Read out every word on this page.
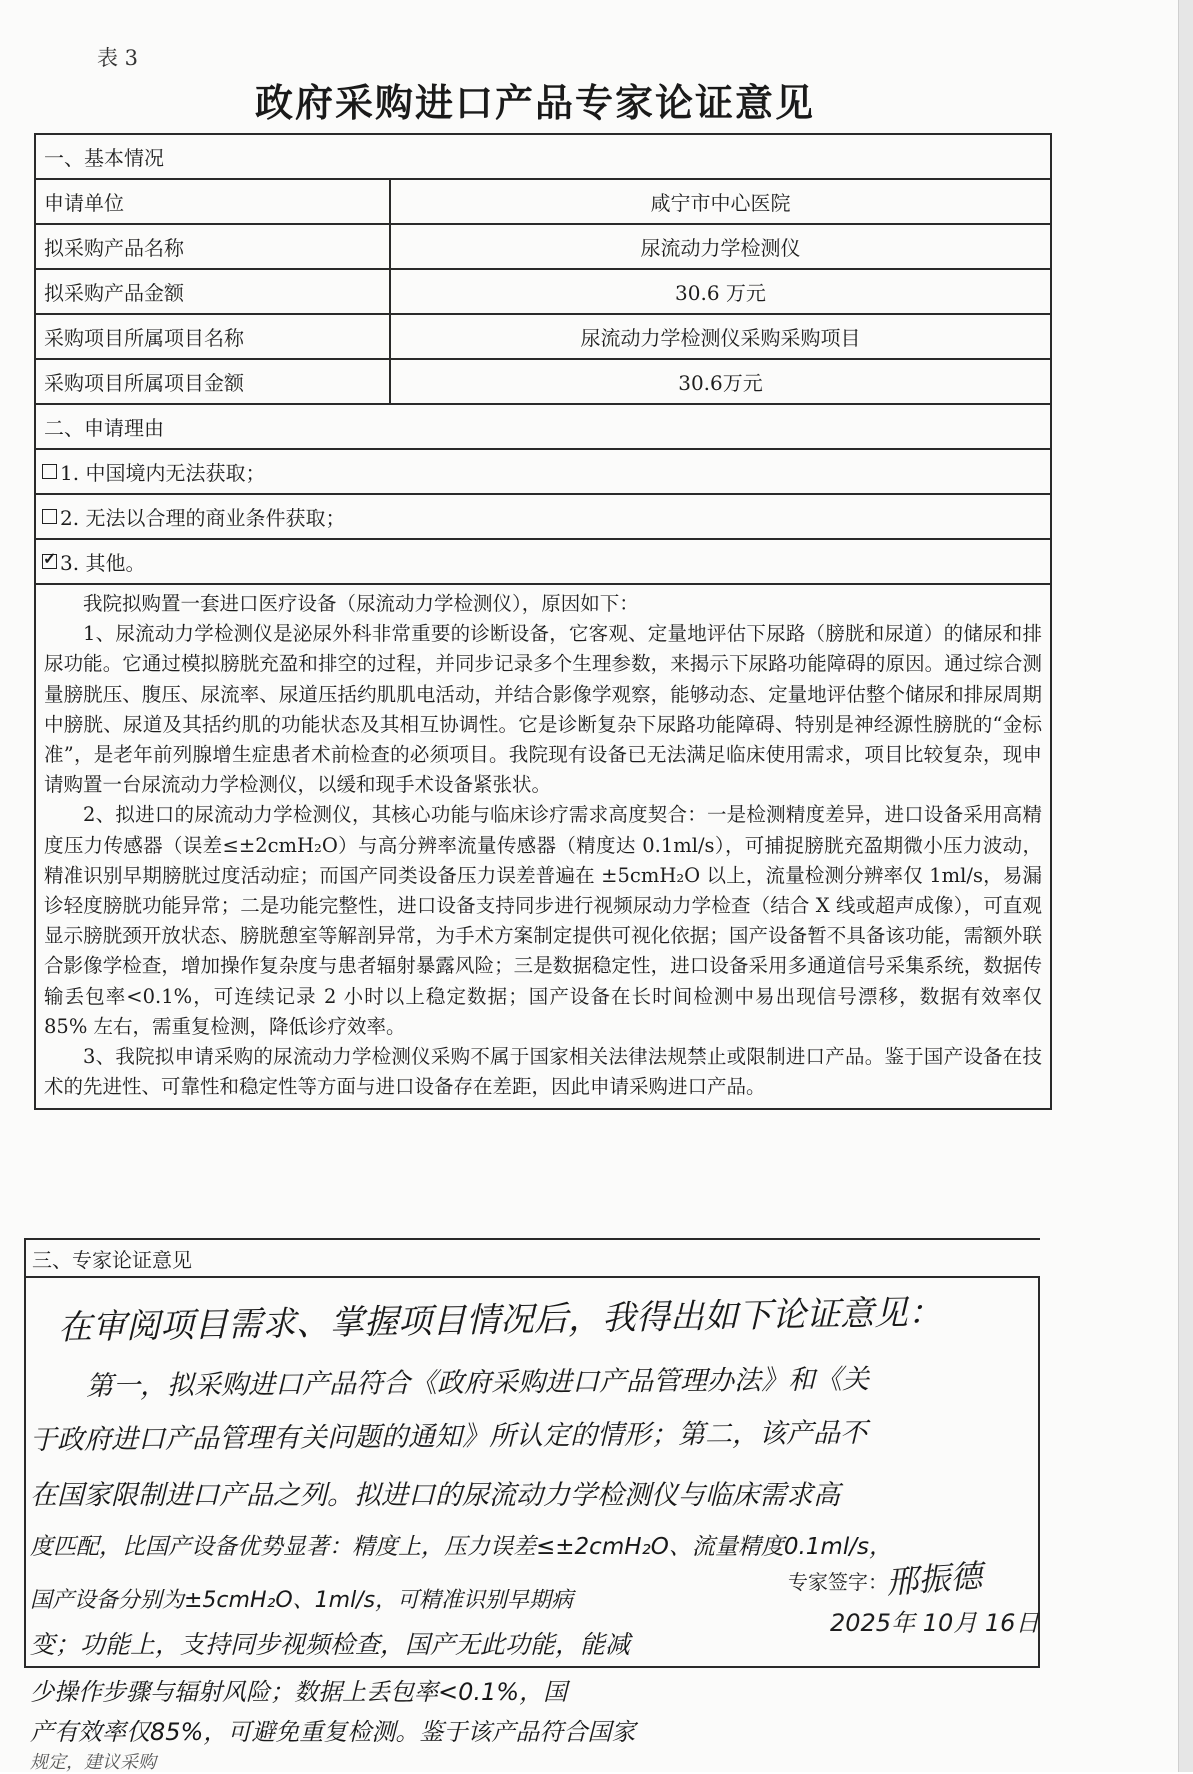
表 3
政府采购进口产品专家论证意见
一、基本情况
申请单位	咸宁市中心医院
拟采购产品名称	尿流动力学检测仪
拟采购产品金额	30.6 万元
采购项目所属项目名称	尿流动力学检测仪采购采购项目
采购项目所属项目金额	30.6万元
二、申请理由
1. 中国境内无法获取；
2. 无法以合理的商业条件获取；
✓
3. 其他。

我院拟购置一套进口医疗设备（尿流动力学检测仪），原因如下：

1、尿流动力学检测仪是泌尿外科非常重要的诊断设备，它客观、定量地评估下尿路（膀胱和尿道）的储尿和排尿功能。它通过模拟膀胱充盈和排空的过程，并同步记录多个生理参数，来揭示下尿路功能障碍的原因。通过综合测量膀胱压、腹压、尿流率、尿道压括约肌肌电活动，并结合影像学观察，能够动态、定量地评估整个储尿和排尿周期中膀胱、尿道及其括约肌的功能状态及其相互协调性。它是诊断复杂下尿路功能障碍、特别是神经源性膀胱的“金标准”，是老年前列腺增生症患者术前检查的必须项目。我院现有设备已无法满足临床使用需求，项目比较复杂，现申请购置一台尿流动力学检测仪，以缓和现手术设备紧张状。

2、拟进口的尿流动力学检测仪，其核心功能与临床诊疗需求高度契合：一是检测精度差异，进口设备采用高精度压力传感器（误差≤±2cmH₂O）与高分辨率流量传感器（精度达 0.1ml/s），可捕捉膀胱充盈期微小压力波动，精准识别早期膀胱过度活动症；而国产同类设备压力误差普遍在 ±5cmH₂O 以上，流量检测分辨率仅 1ml/s，易漏诊轻度膀胱功能异常；二是功能完整性，进口设备支持同步进行视频尿动力学检查（结合 X 线或超声成像），可直观显示膀胱颈开放状态、膀胱憩室等解剖异常，为手术方案制定提供可视化依据；国产设备暂不具备该功能，需额外联合影像学检查，增加操作复杂度与患者辐射暴露风险；三是数据稳定性，进口设备采用多通道信号采集系统，数据传输丢包率<0.1%，可连续记录 2 小时以上稳定数据；国产设备在长时间检测中易出现信号漂移，数据有效率仅 85% 左右，需重复检测，降低诊疗效率。

3、我院拟申请采购的尿流动力学检测仪采购不属于国家相关法律法规禁止或限制进口产品。鉴于国产设备在技术的先进性、可靠性和稳定性等方面与进口设备存在差距，因此申请采购进口产品。

三、专家论证意见
在审阅项目需求、掌握项目情况后，我得出如下论证意见：
第一，拟采购进口产品符合《政府采购进口产品管理办法》和《关
于政府进口产品管理有关问题的通知》所认定的情形；第二，该产品不
在国家限制进口产品之列。拟进口的尿流动力学检测仪与临床需求高
度匹配，比国产设备优势显著：精度上，压力误差≤±2cmH₂O、流量精度0.1ml/s，
国产设备分别为±5cmH₂O、1ml/s，可精准识别早期病
变；功能上，支持同步视频检查，国产无此功能，能减
少操作步骤与辐射风险；数据上丢包率<0.1%，国
产有效率仅85%，可避免重复检测。鉴于该产品符合国家
规定，建议采购
专家签字：
邢振德
2025年 10月 16日
